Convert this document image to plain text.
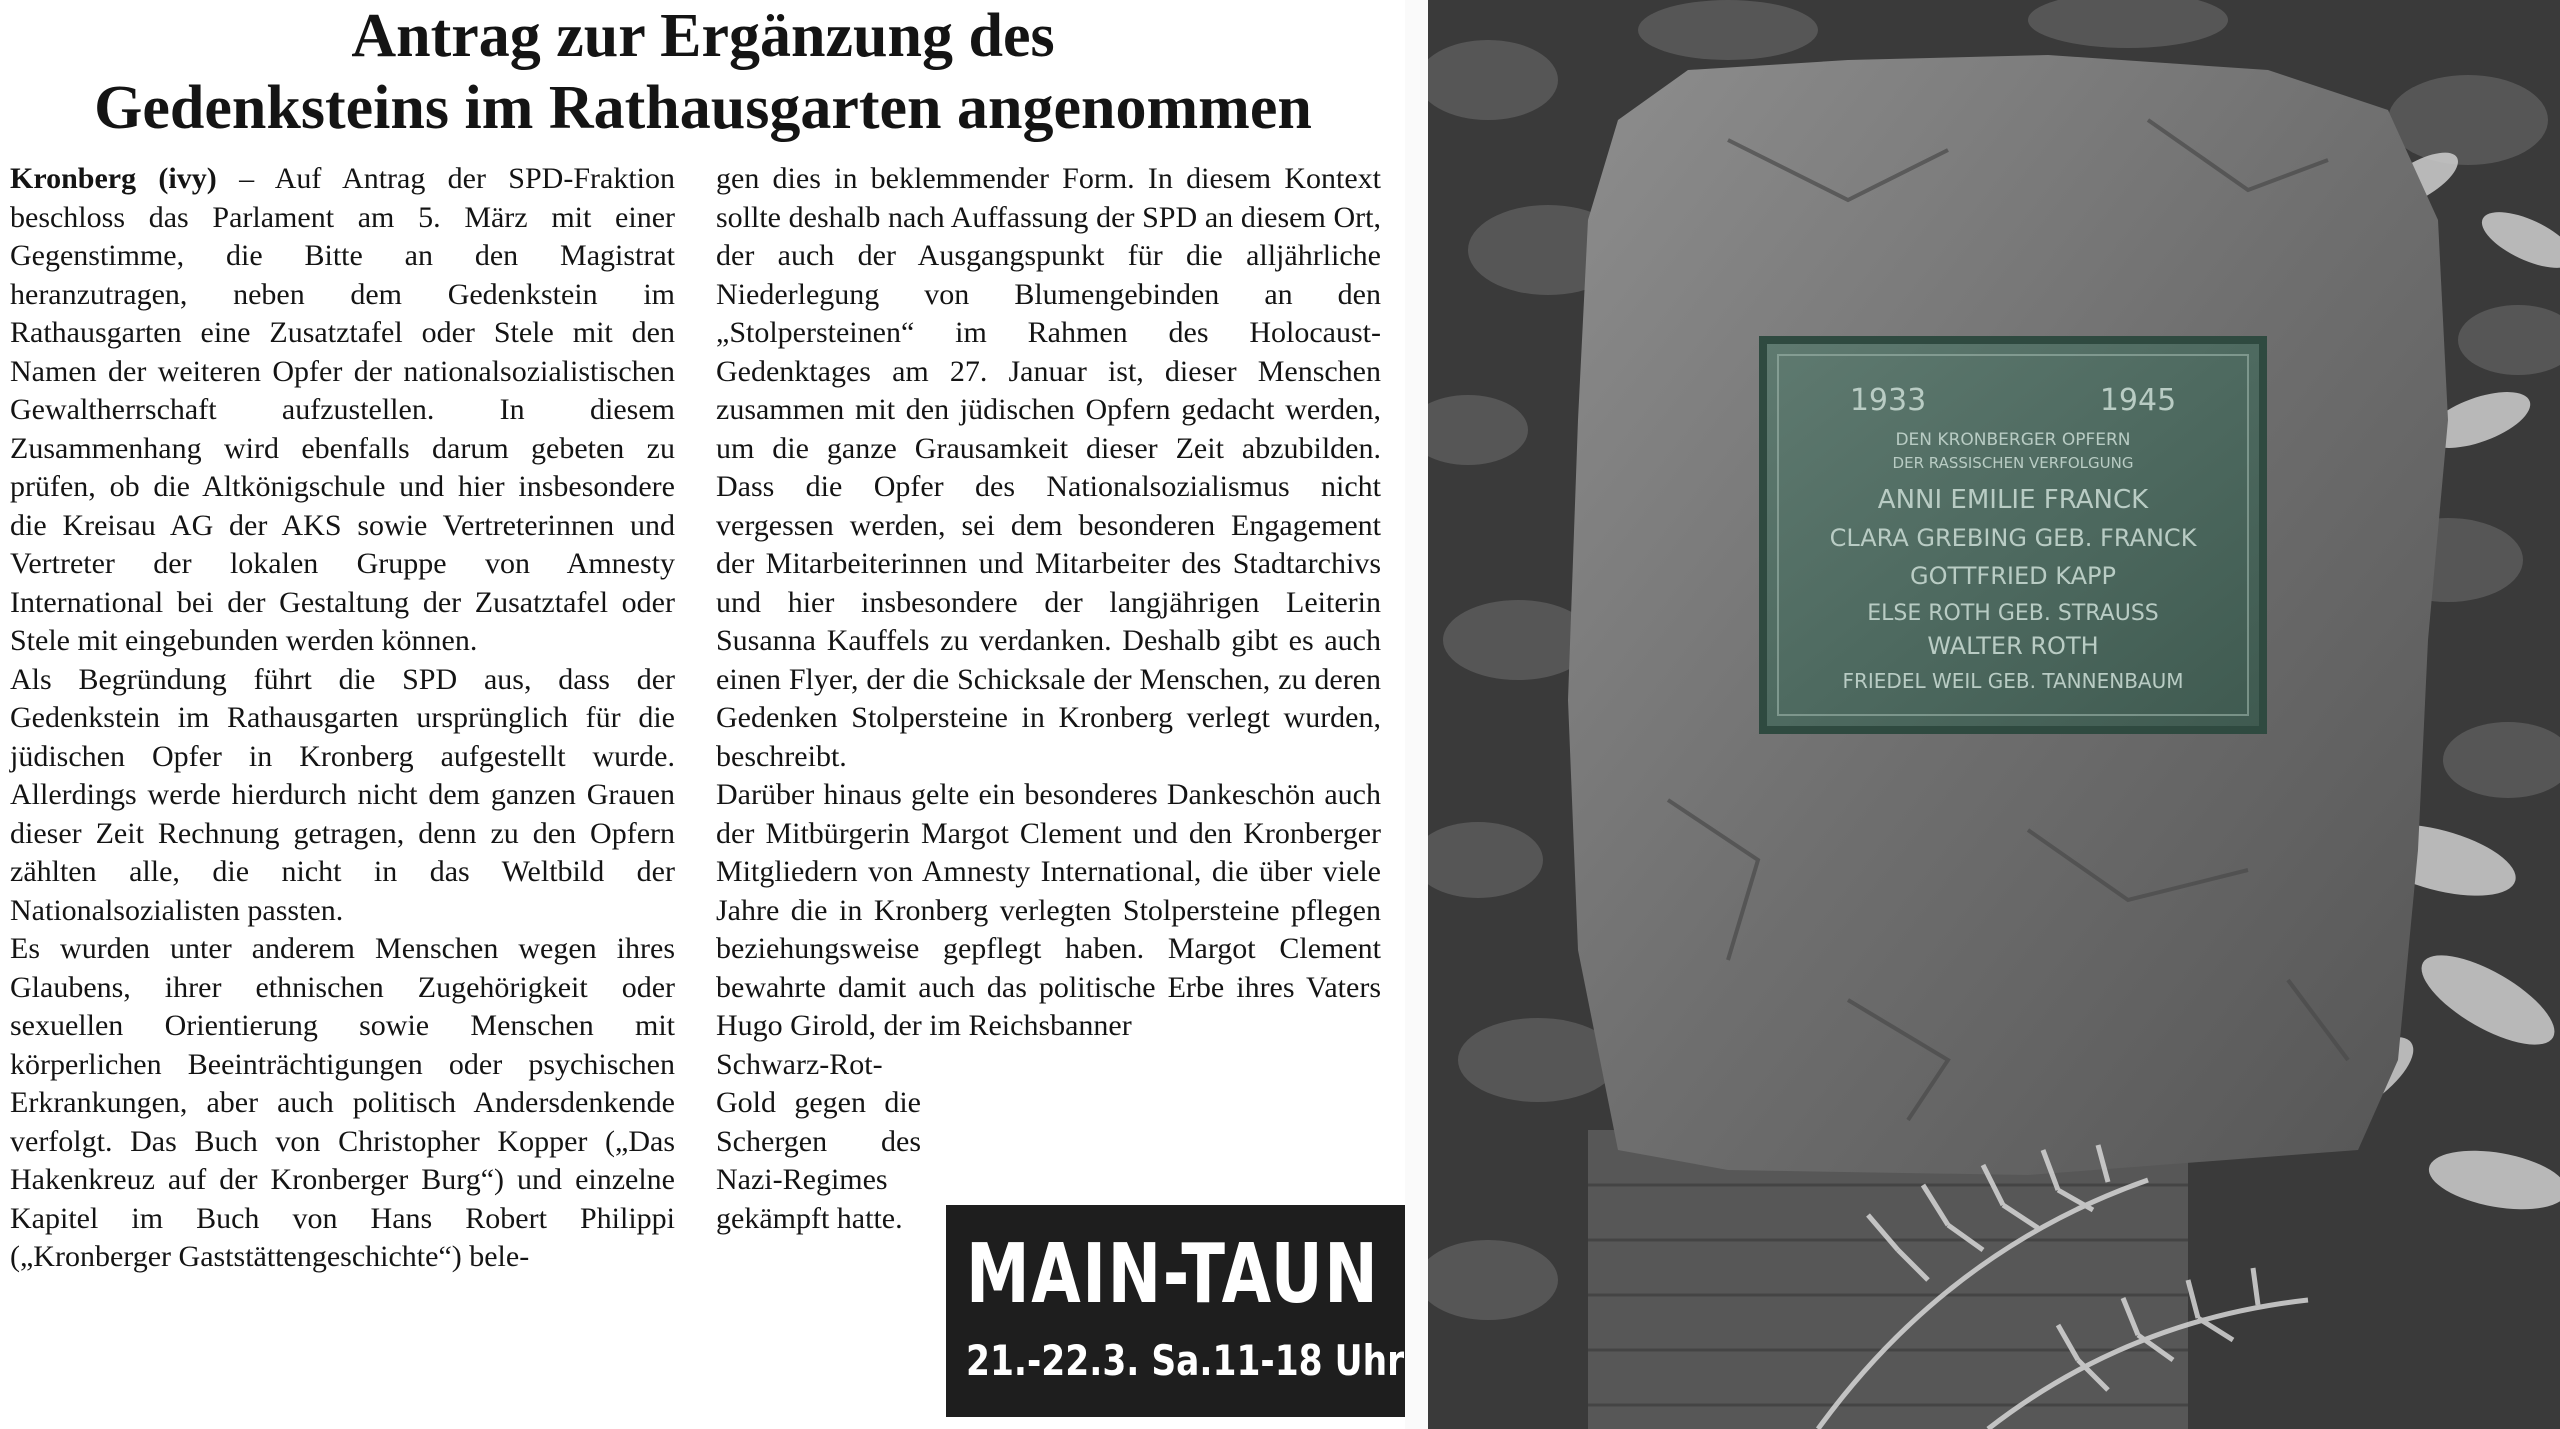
Antrag zur Ergänzung des
Gedenksteins im Rathausgarten angenommen

Kronberg (ivy) – Auf Antrag der SPD-Fraktion beschloss das Parlament am 5. März mit einer Gegenstimme, die Bitte an den Magistrat heranzutragen, neben dem Gedenkstein im Rathausgarten eine Zusatztafel oder Stele mit den Namen der weiteren Opfer der nationalsozialistischen Gewaltherrschaft aufzustellen. In diesem Zusammenhang wird ebenfalls darum gebeten zu prüfen, ob die Altkönigschule und hier insbesondere die Kreisau AG der AKS sowie Vertreterinnen und Vertreter der lokalen Gruppe von Amnesty International bei der Gestaltung der Zusatztafel oder Stele mit eingebunden werden können.

Als Begründung führt die SPD aus, dass der Gedenkstein im Rathausgarten ursprünglich für die jüdischen Opfer in Kronberg aufgestellt wurde. Allerdings werde hierdurch nicht dem ganzen Grauen dieser Zeit Rechnung getragen, denn zu den Opfern zählten alle, die nicht in das Weltbild der Nationalsozialisten passten.

Es wurden unter anderem Menschen wegen ihres Glaubens, ihrer ethnischen Zugehörigkeit oder sexuellen Orientierung sowie Menschen mit körperlichen Beeinträchtigungen oder psychischen Erkrankungen, aber auch politisch Andersdenkende verfolgt. Das Buch von Christopher Kopper („Das Hakenkreuz auf der Kronberger Burg“) und einzelne Kapitel im Buch von Hans Robert Philippi („Kronberger Gaststättengeschichte“) bele-

gen dies in beklemmender Form. In diesem Kontext sollte deshalb nach Auffassung der SPD an diesem Ort, der auch der Ausgangspunkt für die alljährliche Niederlegung von Blumengebinden an den „Stolpersteinen“ im Rahmen des Holocaust-Gedenktages am 27. Januar ist, dieser Menschen zusammen mit den jüdischen Opfern gedacht werden, um die ganze Grausamkeit dieser Zeit abzubilden. Dass die Opfer des Nationalsozialismus nicht vergessen werden, sei dem besonderen Engagement der Mitarbeiterinnen und Mitarbeiter des Stadtarchivs und hier insbesondere der langjährigen Leiterin Susanna Kauffels zu verdanken. Deshalb gibt es auch einen Flyer, der die Schicksale der Menschen, zu deren Gedenken Stolpersteine in Kronberg verlegt wurden, beschreibt.

Darüber hinaus gelte ein besonderes Dankeschön auch der Mitbürgerin Margot Clement und den Kronberger Mitgliedern von Amnesty International, die über viele Jahre die in Kronberg verlegten Stolpersteine pflegen beziehungsweise gepflegt haben. Margot Clement bewahrte damit auch das politische Erbe ihres Vaters Hugo Girold, der im Reichsbanner

Schwarz-Rot-Gold gegen die Schergen des Nazi-Regimes gekämpft hatte.

MAIN-TAUN
21.-22.3. Sa.11-18 Uhr
1933	1945
DEN KRONBERGER OPFERN
DER RASSISCHEN VERFOLGUNG
ANNI EMILIE FRANCK
CLARA GREBING GEB. FRANCK
GOTTFRIED KAPP
ELSE ROTH GEB. STRAUSS
WALTER ROTH
FRIEDEL WEIL GEB. TANNENBAUM
